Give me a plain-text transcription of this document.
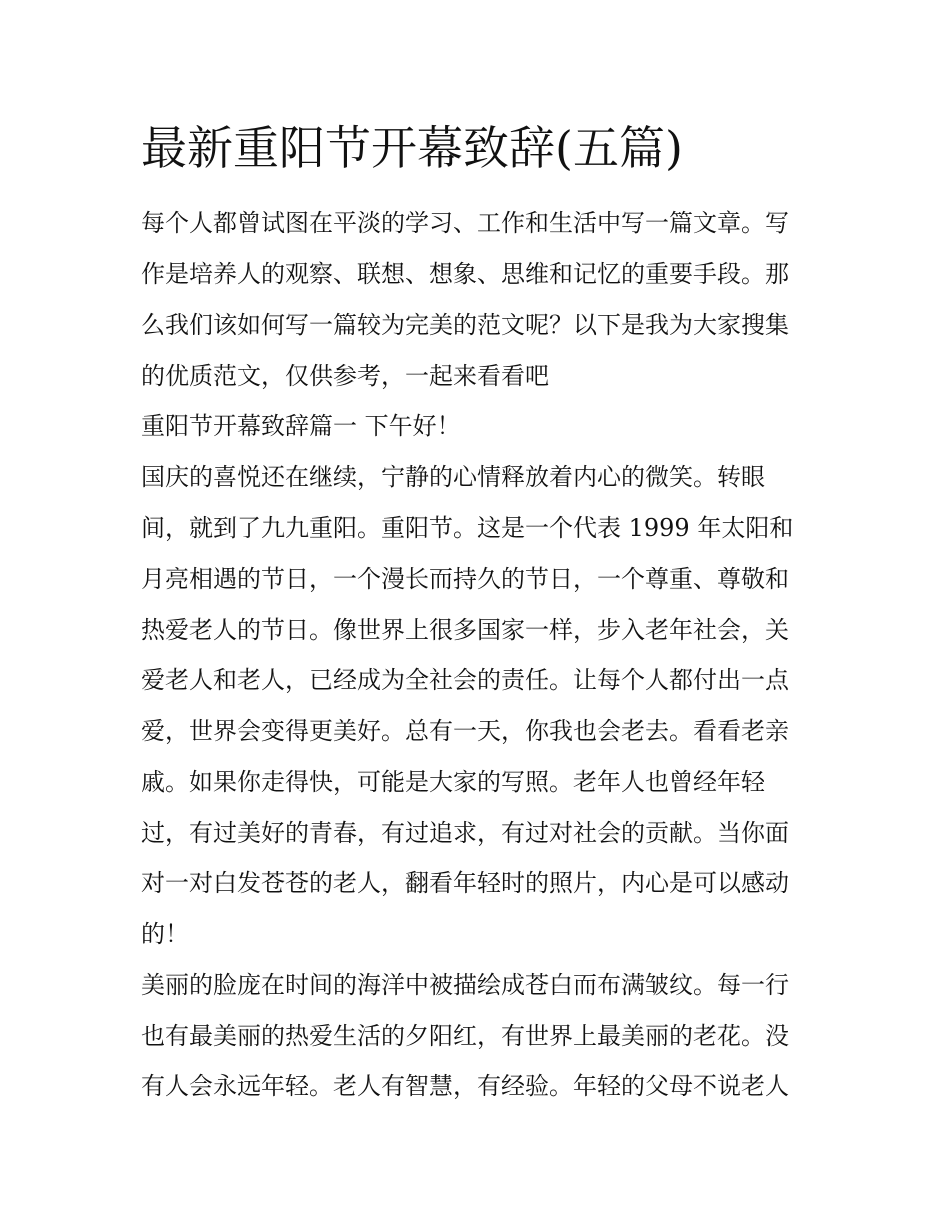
最新重阳节开幕致辞(五篇)

每个人都曾试图在平淡的学习、工作和生活中写一篇文章。写

作是培养人的观察、联想、想象、思维和记忆的重要手段。那

么我们该如何写一篇较为完美的范文呢？以下是我为大家搜集

的优质范文，仅供参考，一起来看看吧

重阳节开幕致辞篇一 下午好！

国庆的喜悦还在继续，宁静的心情释放着内心的微笑。转眼

间，就到了九九重阳。重阳节。这是一个代表 1999 年太阳和

月亮相遇的节日，一个漫长而持久的节日，一个尊重、尊敬和

热爱老人的节日。像世界上很多国家一样，步入老年社会，关

爱老人和老人，已经成为全社会的责任。让每个人都付出一点

爱，世界会变得更美好。总有一天，你我也会老去。看看老亲

戚。如果你走得快，可能是大家的写照。老年人也曾经年轻

过，有过美好的青春，有过追求，有过对社会的贡献。当你面

对一对白发苍苍的老人，翻看年轻时的照片，内心是可以感动

的！

美丽的脸庞在时间的海洋中被描绘成苍白而布满皱纹。每一行

也有最美丽的热爱生活的夕阳红，有世界上最美丽的老花。没

有人会永远年轻。老人有智慧，有经验。年轻的父母不说老人
